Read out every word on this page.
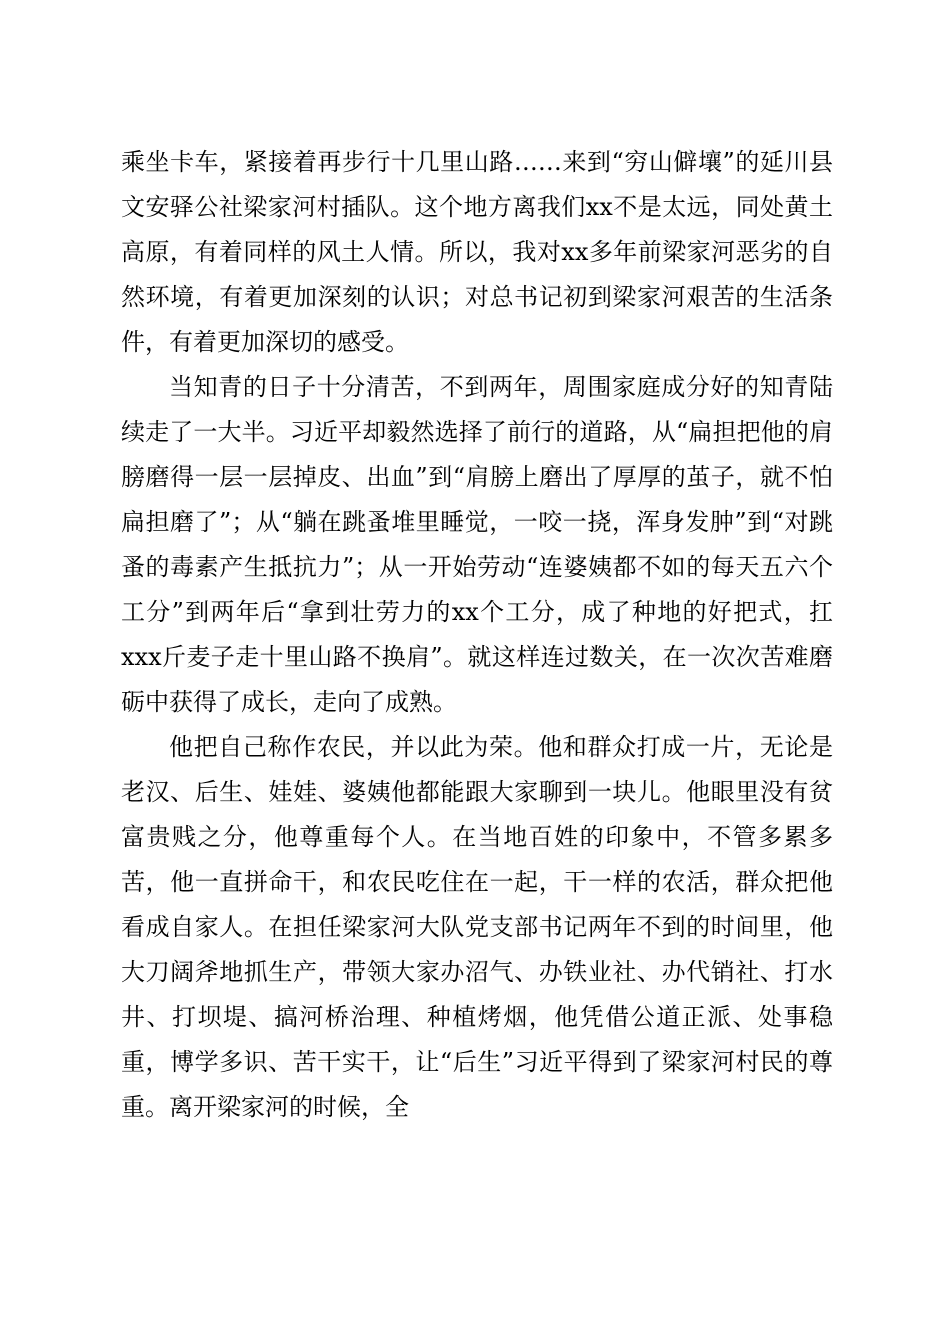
乘坐卡车，紧接着再步行十几里山路……来到“穷山僻壤”的延川县文安驿公社梁家河村插队。这个地方离我们xx不是太远，同处黄土高原，有着同样的风土人情。所以，我对xx多年前梁家河恶劣的自然环境，有着更加深刻的认识；对总书记初到梁家河艰苦的生活条件，有着更加深切的感受。

当知青的日子十分清苦，不到两年，周围家庭成分好的知青陆续走了一大半。习近平却毅然选择了前行的道路，从“扁担把他的肩膀磨得一层一层掉皮、出血”到“肩膀上磨出了厚厚的茧子，就不怕扁担磨了”；从“躺在跳蚤堆里睡觉，一咬一挠，浑身发肿”到“对跳蚤的毒素产生抵抗力”；从一开始劳动“连婆姨都不如的每天五六个工分”到两年后“拿到壮劳力的xx个工分，成了种地的好把式，扛xxx斤麦子走十里山路不换肩”。就这样连过数关，在一次次苦难磨砺中获得了成长，走向了成熟。

他把自己称作农民，并以此为荣。他和群众打成一片，无论是老汉、后生、娃娃、婆姨他都能跟大家聊到一块儿。他眼里没有贫富贵贱之分，他尊重每个人。在当地百姓的印象中，不管多累多苦，他一直拼命干，和农民吃住在一起，干一样的农活，群众把他看成自家人。在担任梁家河大队党支部书记两年不到的时间里，他大刀阔斧地抓生产，带领大家办沼气、办铁业社、办代销社、打水井、打坝堤、搞河桥治理、种植烤烟，他凭借公道正派、处事稳重，博学多识、苦干实干，让“后生”习近平得到了梁家河村民的尊重。离开梁家河的时候，全
